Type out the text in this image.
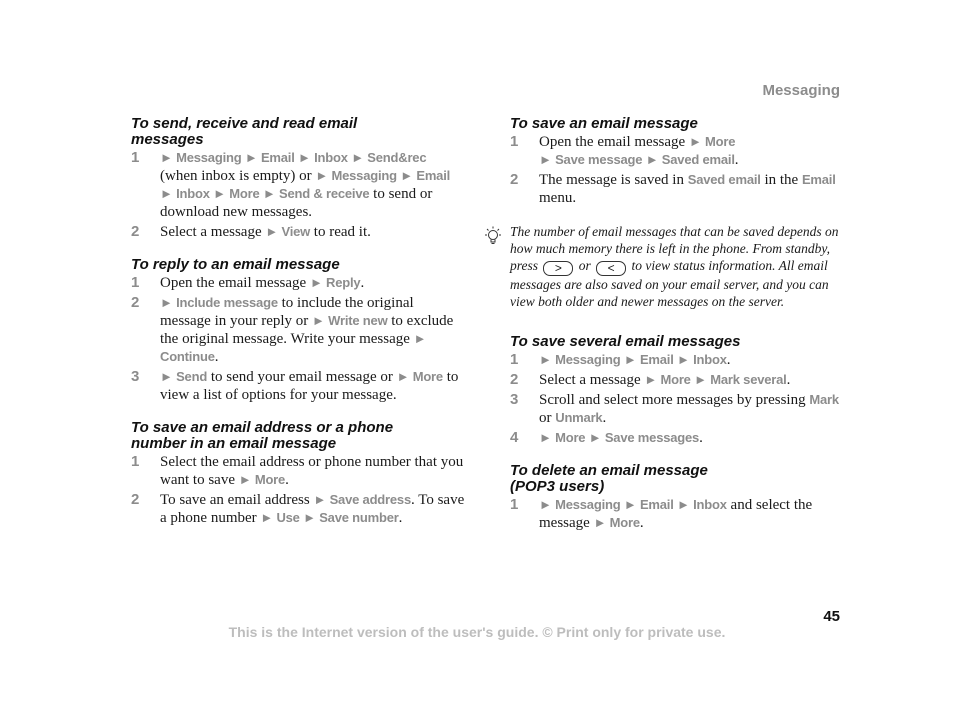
Messaging
To send, receive and read email
messages
1 ► Messaging ► Email ► Inbox ► Send&rec
(when inbox is empty) or ► Messaging ► Email
► Inbox ► More ► Send & receive to send or download new messages.
2 Select a message ► View to read it.
To reply to an email message
1 Open the email message ► Reply.
2 ► Include message to include the original message in your reply or ► Write new to exclude the original message. Write your message ► Continue.
3 ► Send to send your email message or ► More to view a list of options for your message.
To save an email address or a phone
number in an email message
1 Select the email address or phone number that you want to save ► More.
2 To save an email address ► Save address. To save a phone number ► Use ► Save number.
To save an email message
1 Open the email message ► More
► Save message ► Saved email.
2 The message is saved in Saved email in the Email menu.
The number of email messages that can be saved depends on how much memory there is left in the phone. From standby, press > or < to view status information. All email messages are also saved on your email server, and you can view both older and newer messages on the server.
To save several email messages
1 ► Messaging ► Email ► Inbox.
2 Select a message ► More ► Mark several.
3 Scroll and select more messages by pressing Mark or Unmark.
4 ► More ► Save messages.
To delete an email message
(POP3 users)
1 ► Messaging ► Email ► Inbox and select the message ► More.
45
This is the Internet version of the user's guide. © Print only for private use.
